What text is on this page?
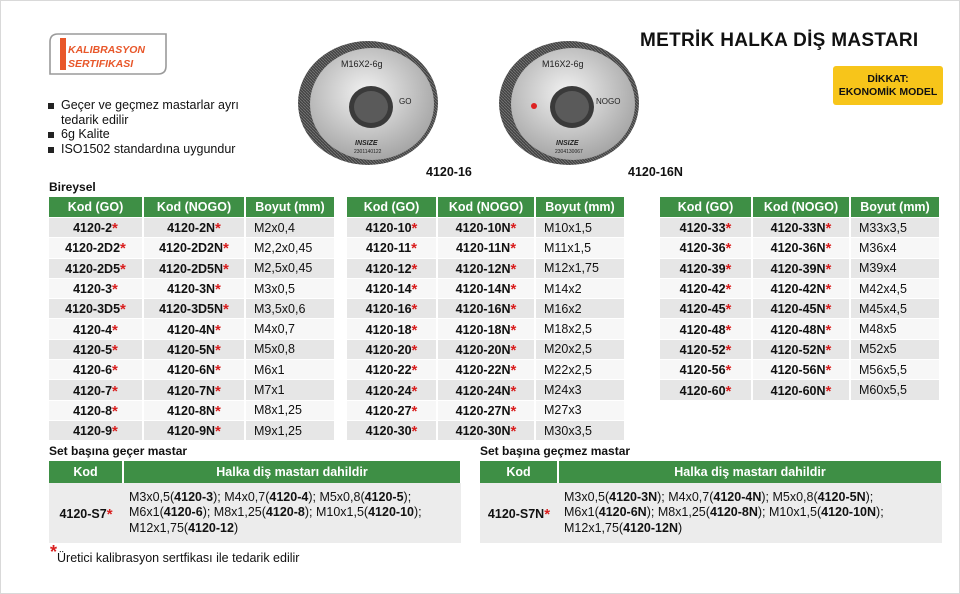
KALIBRASYON
SERTIFIKASI
METRİK HALKA DİŞ MASTARI
DİKKAT:
EKONOMİK MODEL
Geçer ve geçmez mastarlar ayrı tedarik edilir
6g Kalite
ISO1502 standardına uygundur
M16X2-6g
GO
INSIZE
2301140122
4120-16
M16X2-6g
NOGO
INSIZE
2304130067
4120-16N
Bireysel
Kod (GO)	Kod (NOGO)	Boyut (mm)
4120-2*	4120-2N*	M2x0,4
4120-2D2*	4120-2D2N*	M2,2x0,45
4120-2D5*	4120-2D5N*	M2,5x0,45
4120-3*	4120-3N*	M3x0,5
4120-3D5*	4120-3D5N*	M3,5x0,6
4120-4*	4120-4N*	M4x0,7
4120-5*	4120-5N*	M5x0,8
4120-6*	4120-6N*	M6x1
4120-7*	4120-7N*	M7x1
4120-8*	4120-8N*	M8x1,25
4120-9*	4120-9N*	M9x1,25
Kod (GO)	Kod (NOGO)	Boyut (mm)
4120-10*	4120-10N*	M10x1,5
4120-11*	4120-11N*	M11x1,5
4120-12*	4120-12N*	M12x1,75
4120-14*	4120-14N*	M14x2
4120-16*	4120-16N*	M16x2
4120-18*	4120-18N*	M18x2,5
4120-20*	4120-20N*	M20x2,5
4120-22*	4120-22N*	M22x2,5
4120-24*	4120-24N*	M24x3
4120-27*	4120-27N*	M27x3
4120-30*	4120-30N*	M30x3,5
Kod (GO)	Kod (NOGO)	Boyut (mm)
4120-33*	4120-33N*	M33x3,5
4120-36*	4120-36N*	M36x4
4120-39*	4120-39N*	M39x4
4120-42*	4120-42N*	M42x4,5
4120-45*	4120-45N*	M45x4,5
4120-48*	4120-48N*	M48x5
4120-52*	4120-52N*	M52x5
4120-56*	4120-56N*	M56x5,5
4120-60*	4120-60N*	M60x5,5
Set başına geçer mastar
Kod	Halka diş mastarı dahildir
4120-S7*	M3x0,5(4120-3); M4x0,7(4120-4); M5x0,8(4120-5); M6x1(4120-6); M8x1,25(4120-8); M10x1,5(4120-10); M12x1,75(4120-12)
Set başına geçmez mastar
Kod	Halka diş mastarı dahildir
4120-S7N*	M3x0,5(4120-3N); M4x0,7(4120-4N); M5x0,8(4120-5N); M6x1(4120-6N); M8x1,25(4120-8N); M10x1,5(4120-10N); M12x1,75(4120-12N)
*Üretici kalibrasyon sertfikası ile tedarik edilir
